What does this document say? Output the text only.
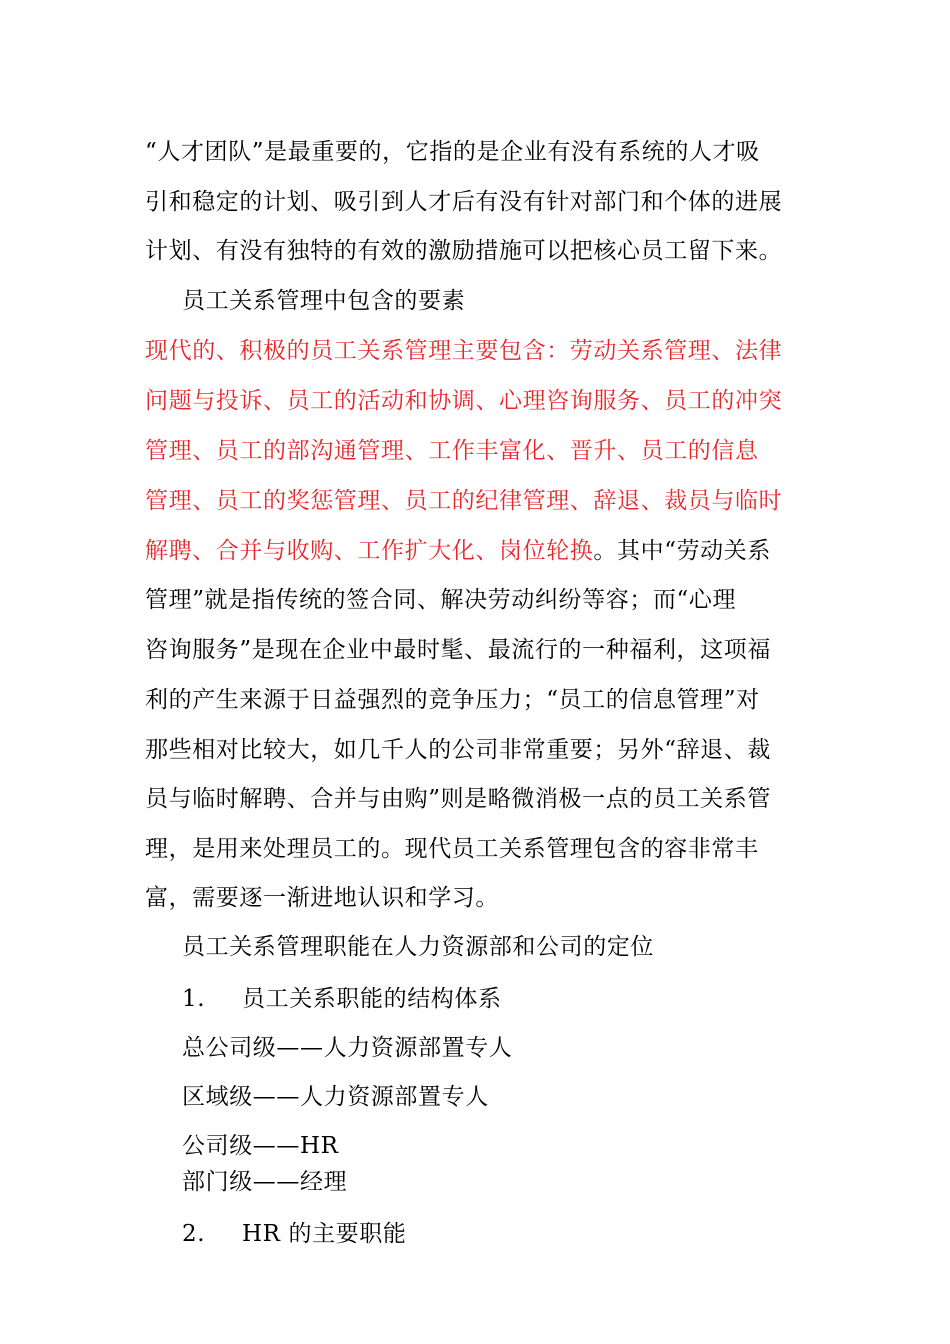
“人才团队”是最重要的，它指的是企业有没有系统的人才吸
引和稳定的计划、吸引到人才后有没有针对部门和个体的进展
计划、有没有独特的有效的激励措施可以把核心员工留下来。
员工关系管理中包含的要素
现代的、积极的员工关系管理主要包含：劳动关系管理、法律
问题与投诉、员工的活动和协调、心理咨询服务、员工的冲突
管理、员工的部沟通管理、工作丰富化、晋升、员工的信息
管理、员工的奖惩管理、员工的纪律管理、辞退、裁员与临时
解聘、合并与收购、工作扩大化、岗位轮换。其中“劳动关系
管理”就是指传统的签合同、解决劳动纠纷等容；而“心理
咨询服务”是现在企业中最时髦、最流行的一种福利，这项福
利的产生来源于日益强烈的竞争压力；“员工的信息管理”对
那些相对比较大，如几千人的公司非常重要；另外“辞退、裁
员与临时解聘、合并与由购”则是略微消极一点的员工关系管
理，是用来处理员工的。现代员工关系管理包含的容非常丰
富，需要逐一渐进地认识和学习。
员工关系管理职能在人力资源部和公司的定位
1. 员工关系职能的结构体系
总公司级——人力资源部置专人
区域级——人力资源部置专人
公司级——HR
部门级——经理
2. HR 的主要职能
